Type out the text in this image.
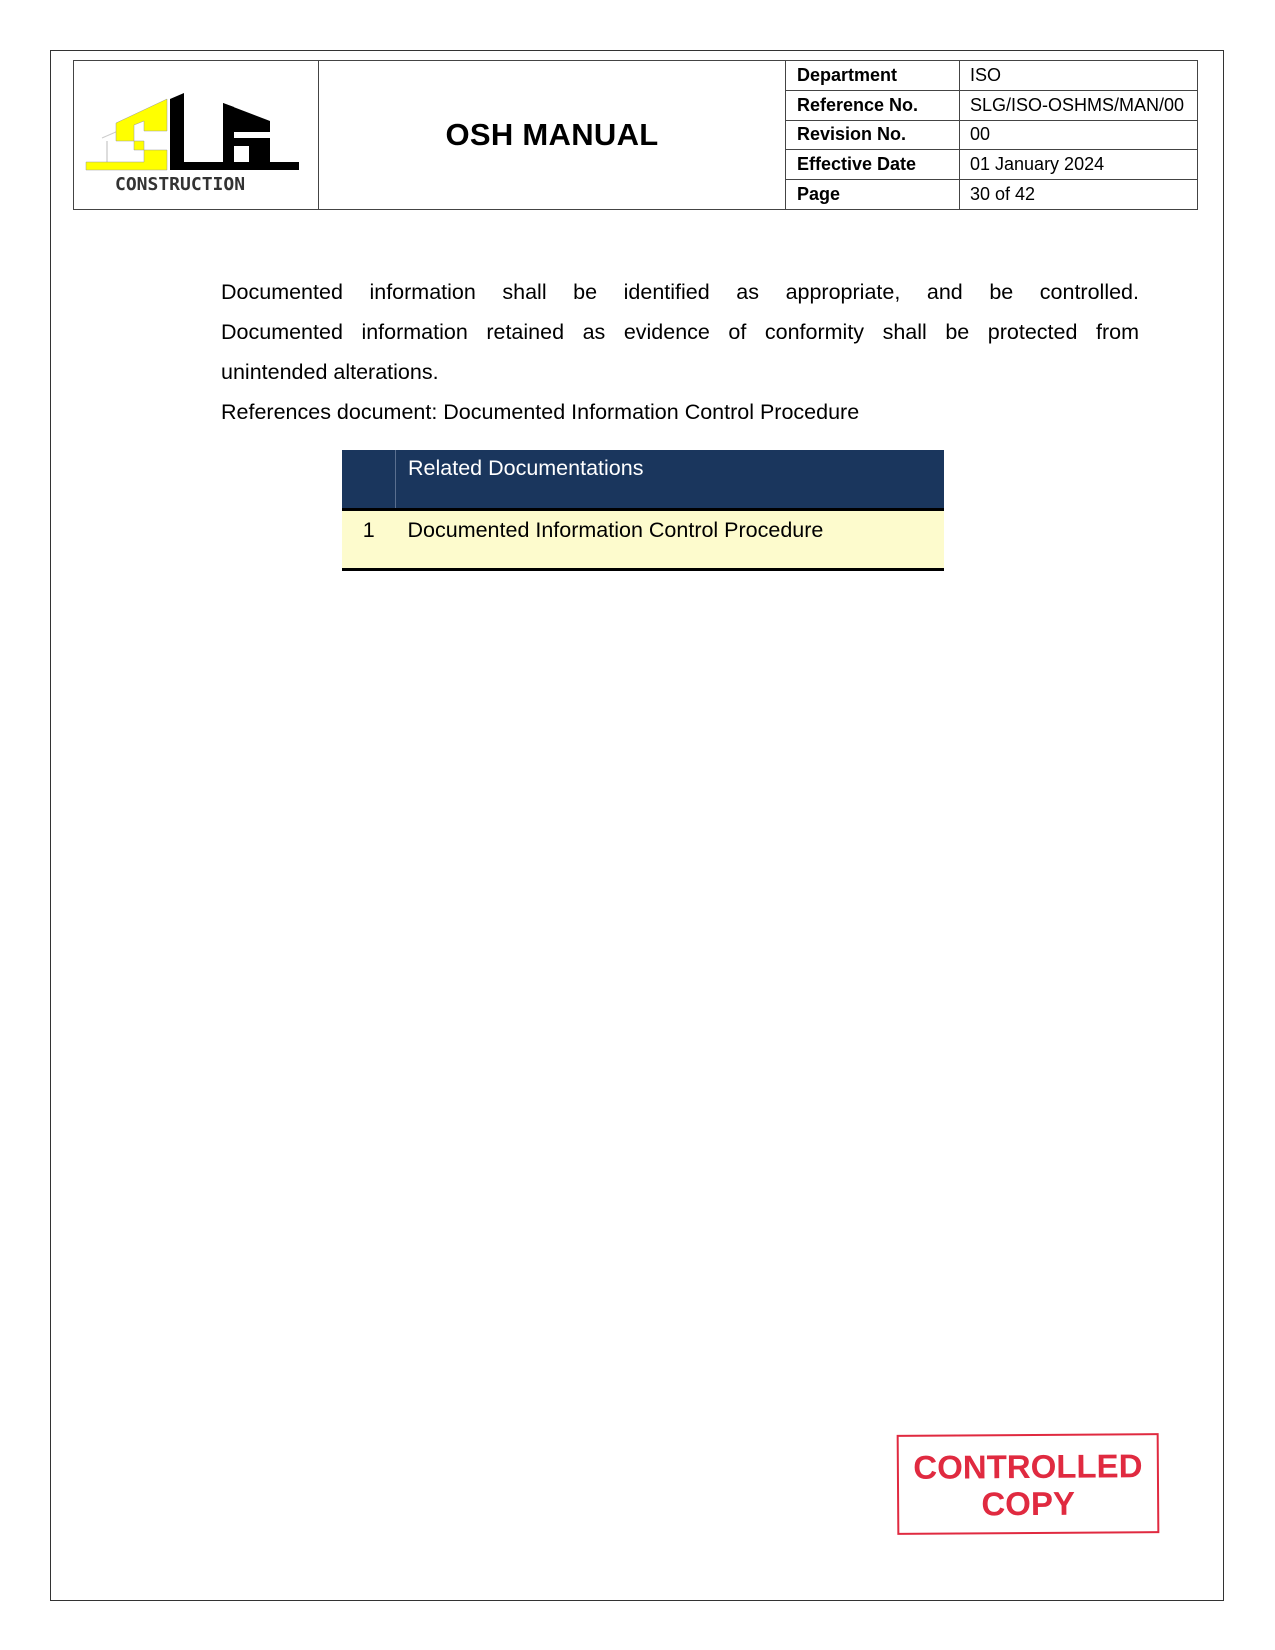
CONSTRUCTION	OSH MANUAL	Department	ISO
		Reference No.	SLG/ISO-OSHMS/MAN/00
		Revision No.	00
		Effective Date	01 January 2024
		Page	30 of 42
Documented information shall be identified as appropriate, and be controlled.
Documented information retained as evidence of conformity shall be protected from
unintended alterations.
References document: Documented Information Control Procedure
	Related Documentations
1	Documented Information Control Procedure
CONTROLLED
COPY
